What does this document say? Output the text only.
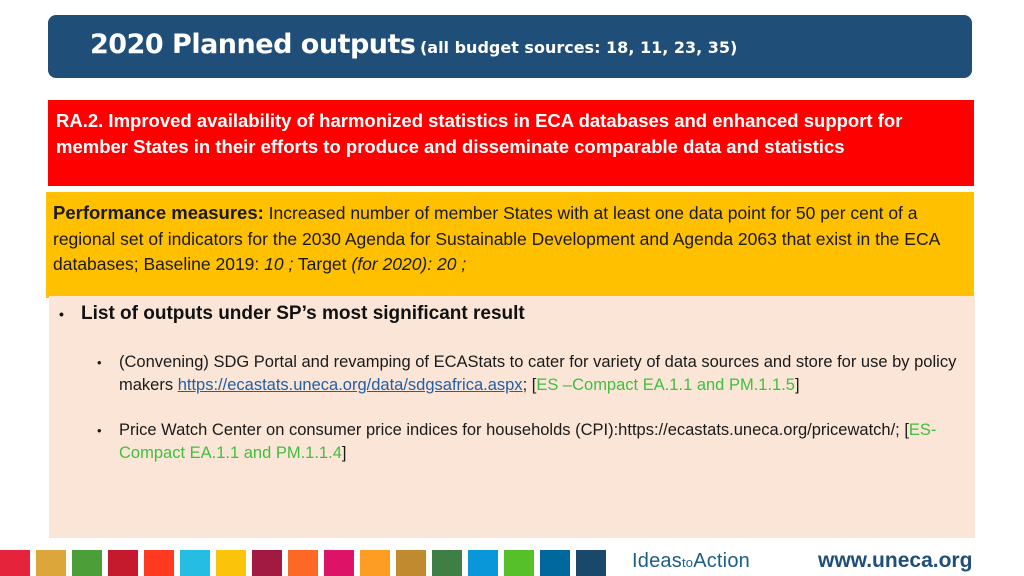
2020 Planned outputs (all budget sources: 18, 11, 23, 35)
RA.2. Improved availability of harmonized statistics in ECA databases and enhanced support for member States in their efforts to produce and disseminate comparable data and statistics
Performance measures: Increased number of member States with at least one data point for 50 per cent of a regional set of indicators for the 2030 Agenda for Sustainable Development and Agenda 2063 that exist in the ECA databases; Baseline 2019: 10 ; Target (for 2020): 20 ;
• List of outputs under SP’s most significant result
•	(Convening) SDG Portal and revamping of ECAStats to cater for variety of data sources and store for use by policy makers https://ecastats.uneca.org/data/sdgsafrica.aspx; [ES –Compact EA.1.1 and PM.1.1.5]
•	Price Watch Center on consumer price indices for households (CPI):https://ecastats.uneca.org/pricewatch/; [ES-Compact EA.1.1 and PM.1.1.4]
IdeastoAction	www.uneca.org
